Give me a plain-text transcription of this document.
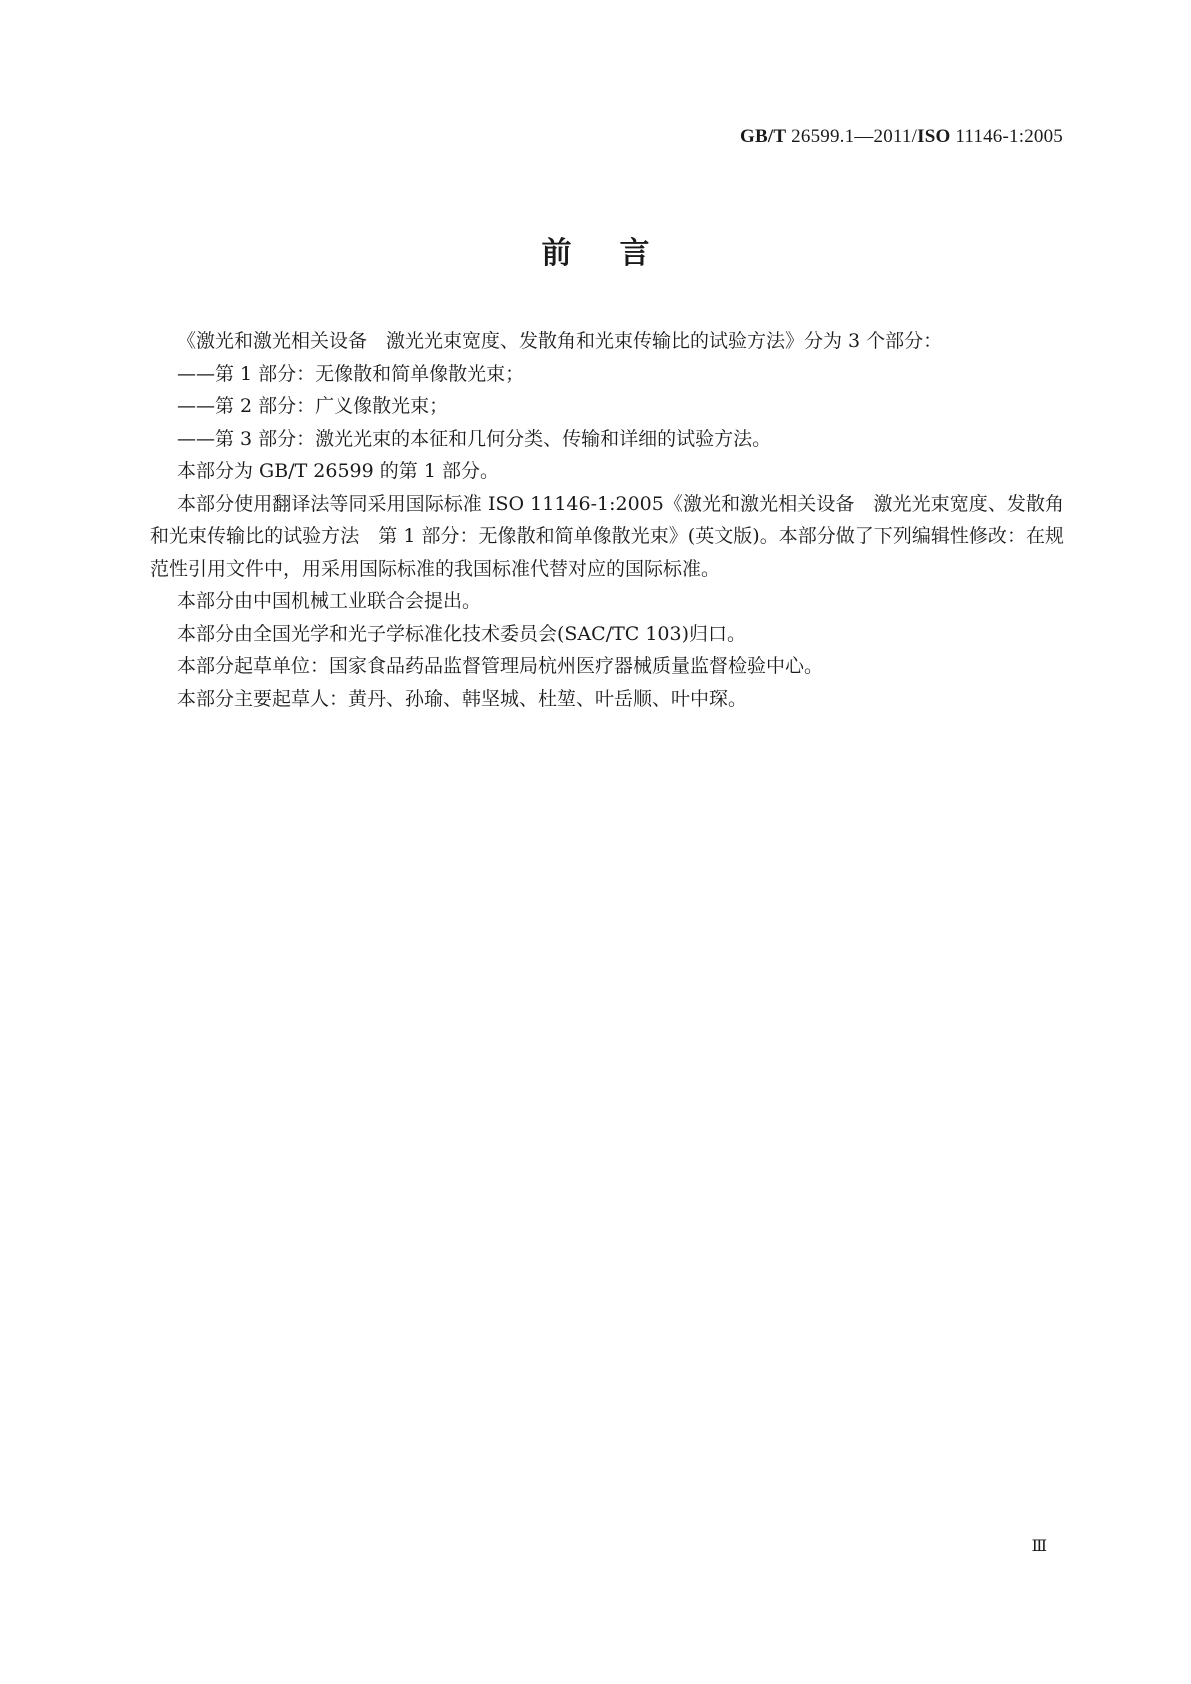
GB/T 26599.1—2011/ISO 11146-1:2005
前言

《激光和激光相关设备　激光光束宽度、发散角和光束传输比的试验方法》分为 3 个部分：

——第 1 部分：无像散和简单像散光束；

——第 2 部分：广义像散光束；

——第 3 部分：激光光束的本征和几何分类、传输和详细的试验方法。

本部分为 GB/T 26599 的第 1 部分。

本部分使用翻译法等同采用国际标准 ISO 11146-1:2005《激光和激光相关设备　激光光束宽度、发散角和光束传输比的试验方法　第 1 部分：无像散和简单像散光束》(英文版)。本部分做了下列编辑性修改：在规范性引用文件中，用采用国际标准的我国标准代替对应的国际标准。

本部分由中国机械工业联合会提出。

本部分由全国光学和光子学标准化技术委员会(SAC/TC 103)归口。

本部分起草单位：国家食品药品监督管理局杭州医疗器械质量监督检验中心。

本部分主要起草人：黄丹、孙瑜、韩坚城、杜堃、叶岳顺、叶中琛。

Ⅲ
